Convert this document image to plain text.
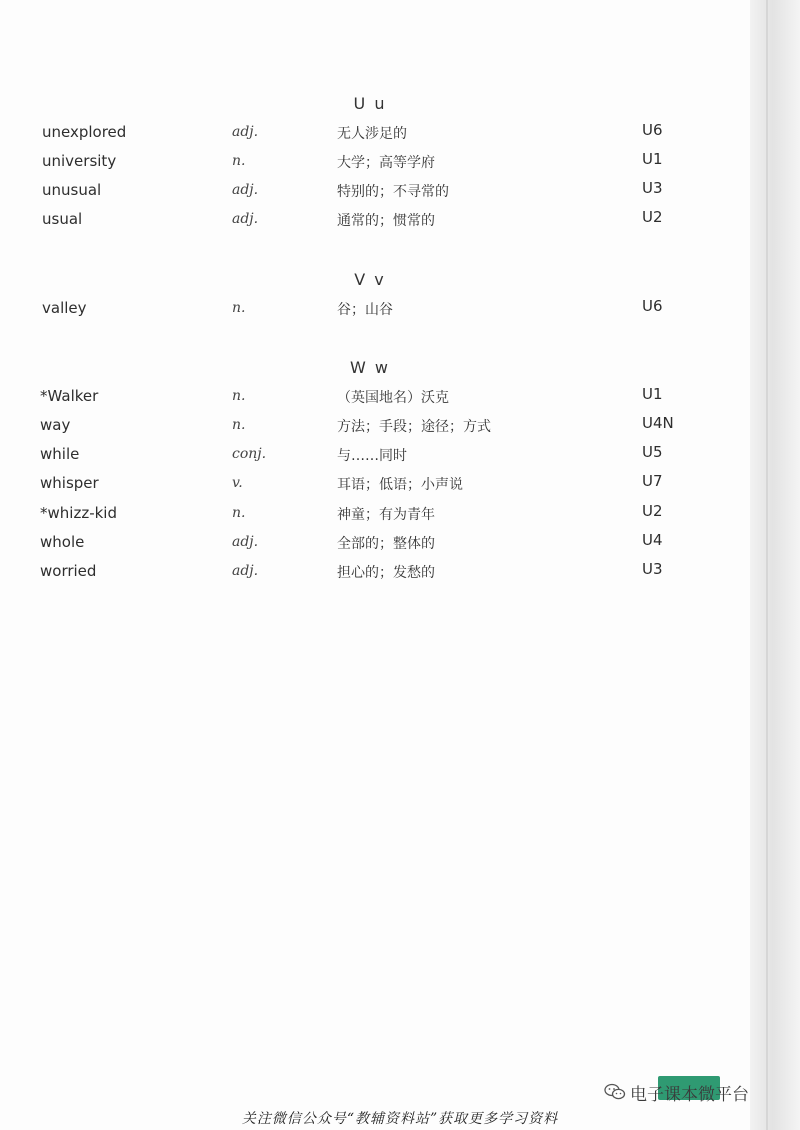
U u
unexplored	adj.	无人涉足的	U6
university	n.	大学；高等学府	U1
unusual	adj.	特别的；不寻常的	U3
usual	adj.	通常的；惯常的	U2
V v
valley	n.	谷；山谷	U6
W w
*Walker	n.	（英国地名）沃克	U1
way	n.	方法；手段；途径；方式	U4N
while	conj.	与……同时	U5
whisper	v.	耳语；低语；小声说	U7
*whizz-kid	n.	神童；有为青年	U2
whole	adj.	全部的；整体的	U4
worried	adj.	担心的；发愁的	U3
电子课本微平台
关注微信公众号“教辅资料站”获取更多学习资料
